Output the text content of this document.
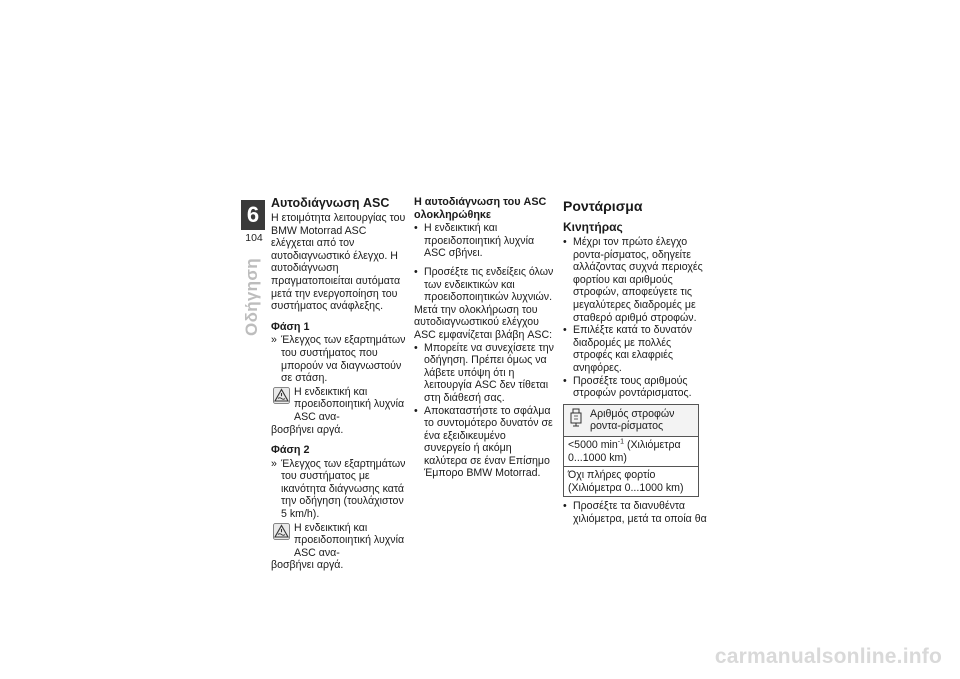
6
104
Οδήγηση
Αυτοδιάγνωση ASC

Η ετοιμότητα λειτουργίας του BMW Motorrad ASC ελέγχεται από τον αυτοδιαγνωστικό έλεγχο. Η αυτοδιάγνωση πραγματοποιείται αυτόματα μετά την ενεργοποίηση του συστήματος ανάφλεξης.

Φάση 1
» Έλεγχος των εξαρτημάτων του συστήματος που μπορούν να διαγνωστούν σε στάση.
Η ενδεικτική και προειδοποιητική λυχνία ASC ανα-

βοσβήνει αργά.

Φάση 2
» Έλεγχος των εξαρτημάτων του συστήματος με ικανότητα διάγνωσης κατά την οδήγηση (τουλάχιστον 5 km/h).
Η ενδεικτική και προειδοποιητική λυχνία ASC ανα-

βοσβήνει αργά.

Η αυτοδιάγνωση του ASC ολοκληρώθηκε
• Η ενδεικτική και προειδοποιητική λυχνία ASC σβήνει.
• Προσέξτε τις ενδείξεις όλων των ενδεικτικών και προειδοποιητικών λυχνιών.

Μετά την ολοκλήρωση του αυτοδιαγνωστικού ελέγχου ASC εμφανίζεται βλάβη ASC:

• Μπορείτε να συνεχίσετε την οδήγηση. Πρέπει όμως να λάβετε υπόψη ότι η λειτουργία ASC δεν τίθεται στη διάθεσή σας.
• Αποκαταστήστε το σφάλμα το συντομότερο δυνατόν σε ένα εξειδικευμένο συνεργείο ή ακόμη καλύτερα σε έναν Επίσημο Έμπορο BMW Motorrad.
Ροντάρισμα
Κινητήρας
• Μέχρι τον πρώτο έλεγχο ροντα-ρίσματος, οδηγείτε αλλάζοντας συχνά περιοχές φορτίου και αριθμούς στροφών, αποφεύγετε τις μεγαλύτερες διαδρομές με σταθερό αριθμό στροφών.
• Επιλέξτε κατά το δυνατόν διαδρομές με πολλές στροφές και ελαφριές ανηφόρες.
• Προσέξτε τους αριθμούς στροφών ροντάρισματος.
Αριθμός στροφών ροντα-ρίσματος
<5000 $\min^{-1} (X\iota\lambda\iota ό\mu\varepsilon\tau\rho\alpha$ 0...1000 km)
Όχι πλήρες φορτίο (Χιλιόμετρα 0...1000 km)
• Προσέξτε τα διανυθέντα χιλιόμετρα, μετά τα οποία θα
carmanualsonline.info
